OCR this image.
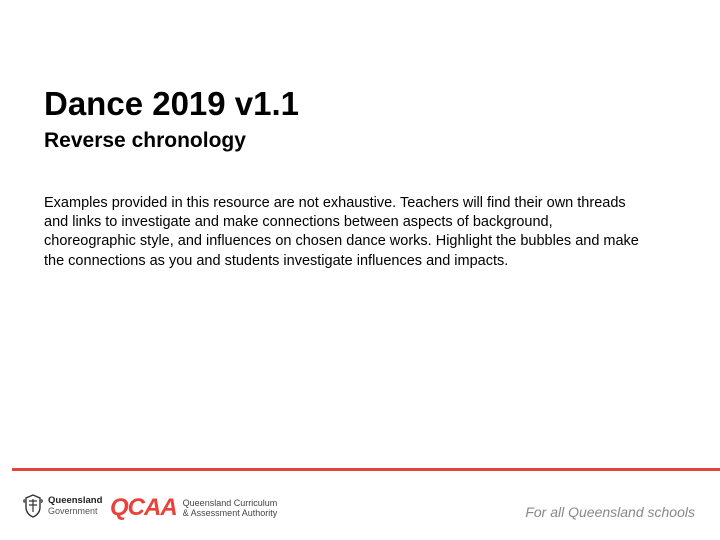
Dance 2019 v1.1
Reverse chronology

Examples provided in this resource are not exhaustive. Teachers will find their own threads and links to investigate and make connections between aspects of background, choreographic style, and influences on chosen dance works. Highlight the bubbles and make the connections as you and students investigate influences and impacts.

Queensland
Government QCAA Queensland Curriculum
& Assessment Authority	For all Queensland schools
